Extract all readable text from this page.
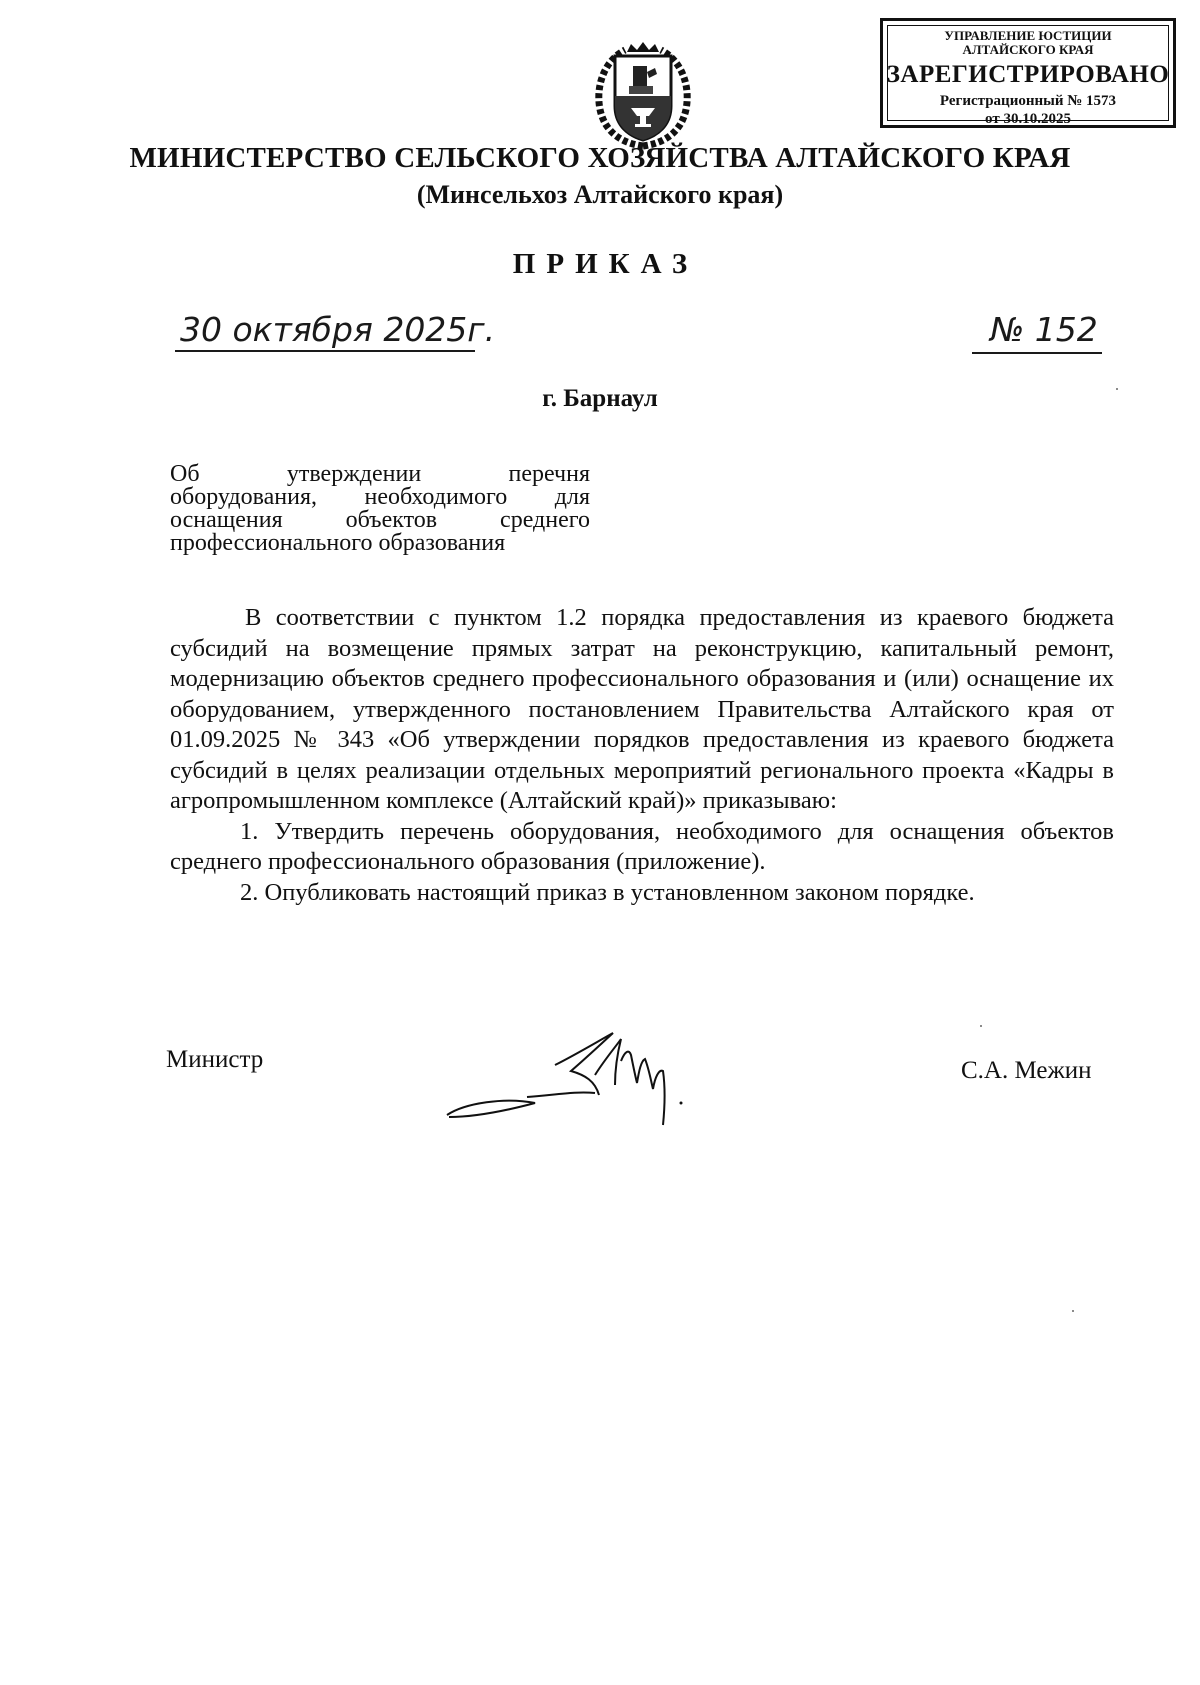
УПРАВЛЕНИЕ ЮСТИЦИИ
АЛТАЙСКОГО КРАЯ
ЗАРЕГИСТРИРОВАНО
Регистрационный № 1573
от 30.10.2025
МИНИСТЕРСТВО СЕЛЬСКОГО ХОЗЯЙСТВА АЛТАЙСКОГО КРАЯ
(Минсельхоз Алтайского края)
ПРИКАЗ
30 октября 2025г.	№ 152
г. Барнаул
Об утверждении перечня
оборудования, необходимого для
оснащения объектов среднего
профессионального образования

В соответствии с пунктом 1.2 порядка предоставления из краевого бюджета субсидий на возмещение прямых затрат на реконструкцию, капитальный ремонт, модернизацию объектов среднего профессионального образования и (или) оснащение их оборудованием, утвержденного постановлением Правительства Алтайского края от 01.09.2025 № 343 «Об утверждении порядков предоставления из краевого бюджета субсидий в целях реализации отдельных мероприятий регионального проекта «Кадры в агропромышленном комплексе (Алтайский край)» приказываю:

1. Утвердить перечень оборудования, необходимого для оснащения объектов среднего профессионального образования (приложение).

2. Опубликовать настоящий приказ в установленном законом порядке.

Министр	С.А. Межин
